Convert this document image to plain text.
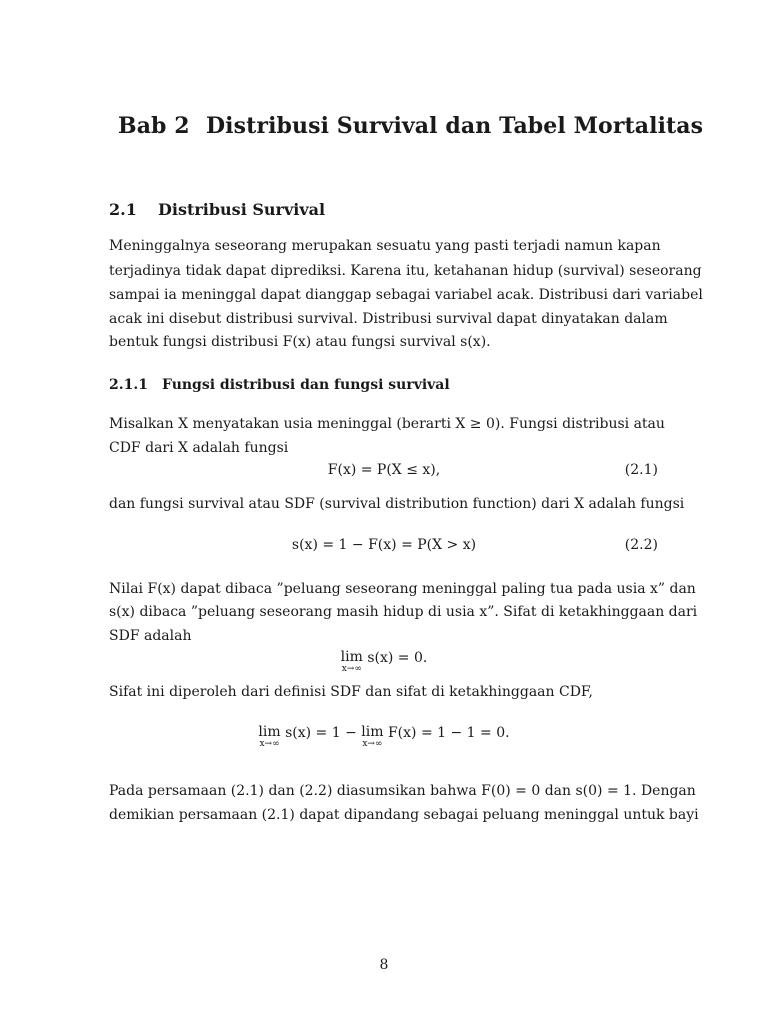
Bab 2 Distribusi Survival dan Tabel Mortalitas
2.1 Distribusi Survival
Meninggalnya seseorang merupakan sesuatu yang pasti terjadi namun kapan
terjadinya tidak dapat diprediksi. Karena itu, ketahanan hidup (survival) seseorang
sampai ia meninggal dapat dianggap sebagai variabel acak. Distribusi dari variabel
acak ini disebut distribusi survival. Distribusi survival dapat dinyatakan dalam
bentuk fungsi distribusi F(x) atau fungsi survival s(x).
2.1.1 Fungsi distribusi dan fungsi survival
Misalkan X menyatakan usia meninggal (berarti X ≥ 0). Fungsi distribusi atau
CDF dari X adalah fungsi
F(x) = P(X ≤ x),	(2.1)
dan fungsi survival atau SDF (survival distribution function) dari X adalah fungsi
s(x) = 1 − F(x) = P(X > x)	(2.2)
Nilai F(x) dapat dibaca ”peluang seseorang meninggal paling tua pada usia x” dan
s(x) dibaca ”peluang seseorang masih hidup di usia x”. Sifat di ketakhinggaan dari
SDF adalah
lim
x→∞
s(x) = 0.
Sifat ini diperoleh dari definisi SDF dan sifat di ketakhinggaan CDF,
lim
x→∞
s(x) = 1 − lim
x→∞
F(x) = 1 − 1 = 0.
Pada persamaan (2.1) dan (2.2) diasumsikan bahwa F(0) = 0 dan s(0) = 1. Dengan
demikian persamaan (2.1) dapat dipandang sebagai peluang meninggal untuk bayi
8
